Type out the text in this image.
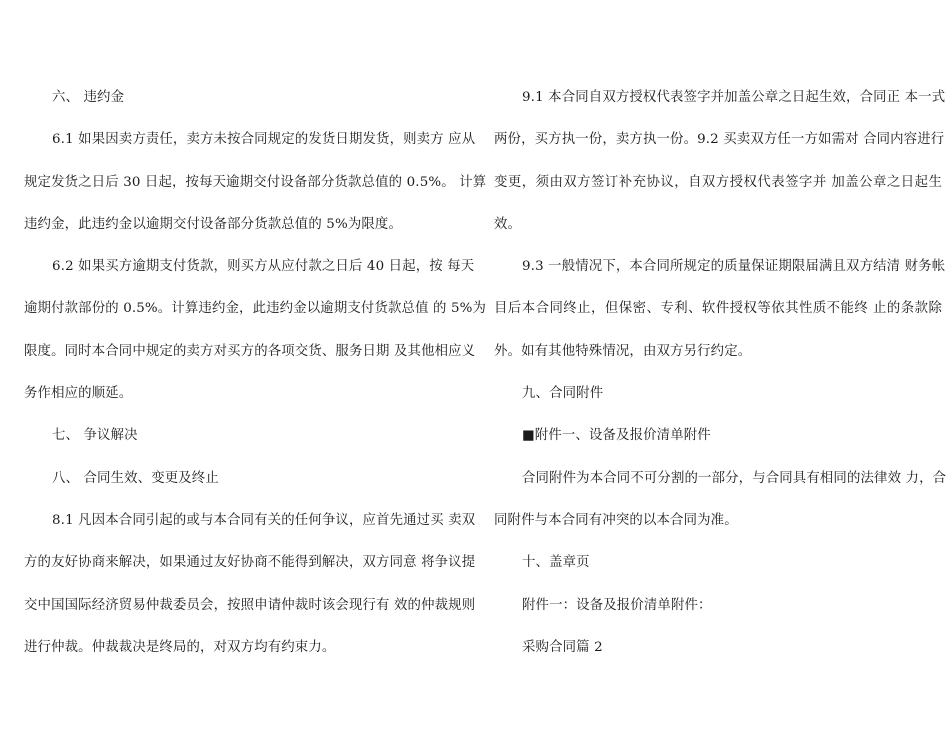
六、 违约金
6.1 如果因卖方责任，卖方未按合同规定的发货日期发货，则卖方 应从
规定发货之日后 30 日起，按每天逾期交付设备部分货款总值的 0.5%。 计算
违约金，此违约金以逾期交付设备部分货款总值的 5%为限度。
6.2 如果买方逾期支付货款，则买方从应付款之日后 40 日起，按 每天
逾期付款部份的 0.5%。计算违约金，此违约金以逾期支付货款总值 的 5%为
限度。同时本合同中规定的卖方对买方的各项交货、服务日期 及其他相应义
务作相应的顺延。
七、 争议解决
八、 合同生效、变更及终止
8.1 凡因本合同引起的或与本合同有关的任何争议，应首先通过买 卖双
方的友好协商来解决，如果通过友好协商不能得到解决，双方同意 将争议提
交中国国际经济贸易仲裁委员会，按照申请仲裁时该会现行有 效的仲裁规则
进行仲裁。仲裁裁决是终局的，对双方均有约束力。
9.1 本合同自双方授权代表签字并加盖公章之日起生效，合同正 本一式
两份，买方执一份，卖方执一份。9.2 买卖双方任一方如需对 合同内容进行
变更，须由双方签订补充协议，自双方授权代表签字并 加盖公章之日起生
效。
9.3 一般情况下，本合同所规定的质量保证期限届满且双方结清 财务帐
目后本合同终止，但保密、专利、软件授权等依其性质不能终 止的条款除
外。如有其他特殊情况，由双方另行约定。
九、合同附件
■附件一、设备及报价清单附件
合同附件为本合同不可分割的一部分，与合同具有相同的法律效 力，合
同附件与本合同有冲突的以本合同为准。
十、盖章页
附件一：设备及报价清单附件：
采购合同篇 2
